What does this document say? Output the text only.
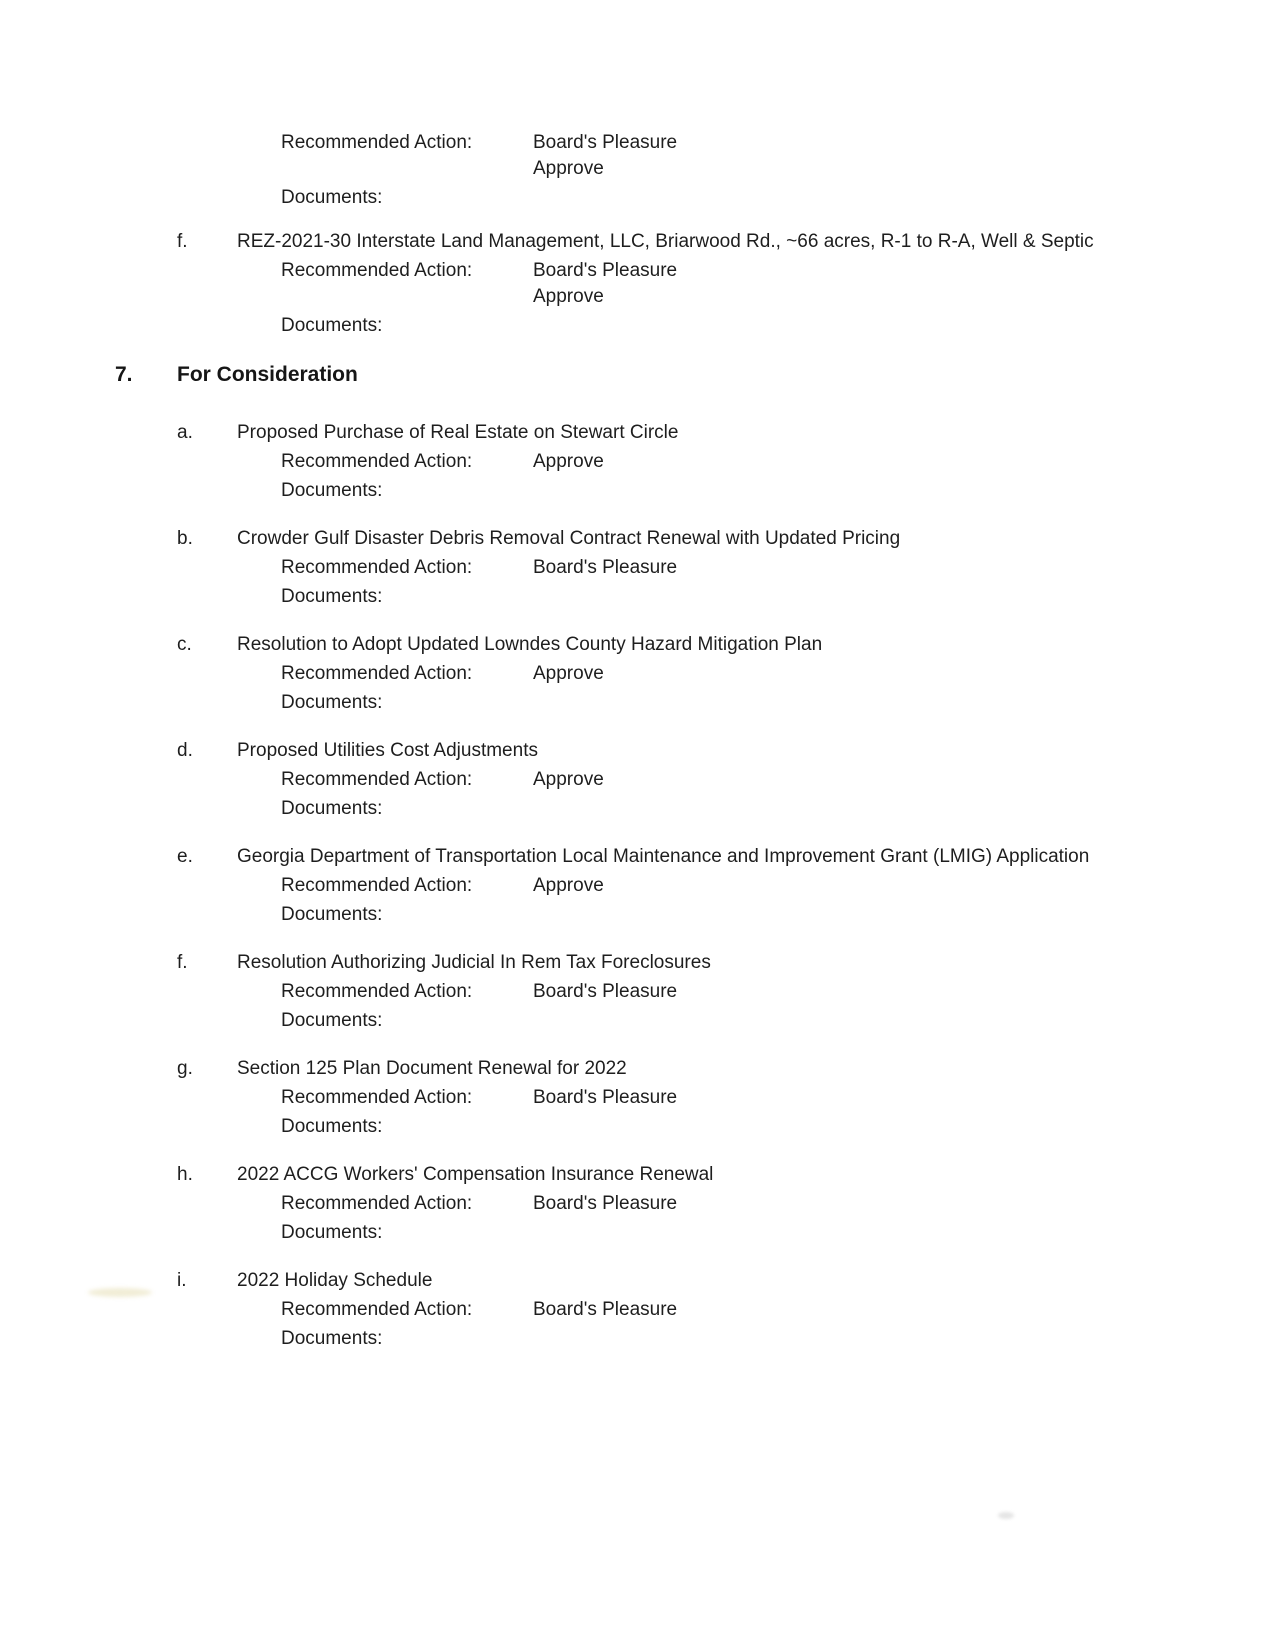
Recommended Action:	Board's Pleasure
Approve
Documents:
f.	REZ-2021-30 Interstate Land Management, LLC, Briarwood Rd., ~66 acres, R-1 to R-A, Well & Septic
Recommended Action:	Board's Pleasure
Approve
Documents:
7.	For Consideration
a.	Proposed Purchase of Real Estate on Stewart Circle
Recommended Action:	Approve
Documents:
b.	Crowder Gulf Disaster Debris Removal Contract Renewal with Updated Pricing
Recommended Action:	Board's Pleasure
Documents:
c.	Resolution to Adopt Updated Lowndes County Hazard Mitigation Plan
Recommended Action:	Approve
Documents:
d.	Proposed Utilities Cost Adjustments
Recommended Action:	Approve
Documents:
e.	Georgia Department of Transportation Local Maintenance and Improvement Grant (LMIG) Application
Recommended Action:	Approve
Documents:
f.	Resolution Authorizing Judicial In Rem Tax Foreclosures
Recommended Action:	Board's Pleasure
Documents:
g.	Section 125 Plan Document Renewal for 2022
Recommended Action:	Board's Pleasure
Documents:
h.	2022 ACCG Workers' Compensation Insurance Renewal
Recommended Action:	Board's Pleasure
Documents:
i.	2022 Holiday Schedule
Recommended Action:	Board's Pleasure
Documents:
